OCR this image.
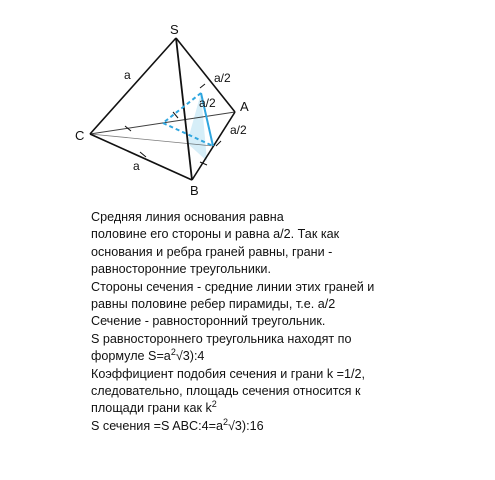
S
A
B
C
a
a
a/2
a/2
a/2
Средняя линия основания равна
половине его стороны и равна a/2. Так как
основания и ребра граней равны, грани -
равносторонние треугольники.
Стороны сечения - средние линии этих граней и
равны половине ребер пирамиды, т.е. a/2
Сечение - равносторонний треугольник.
S равностороннего треугольника находят по
формуле $S=a^2√3):4$
Коэффициент подобия сечения и грани k =1/2,
следовательно, площадь сечения относится к
площади грани как $k^2$
S сечения =S $ABC:4=a^2√3):16$
